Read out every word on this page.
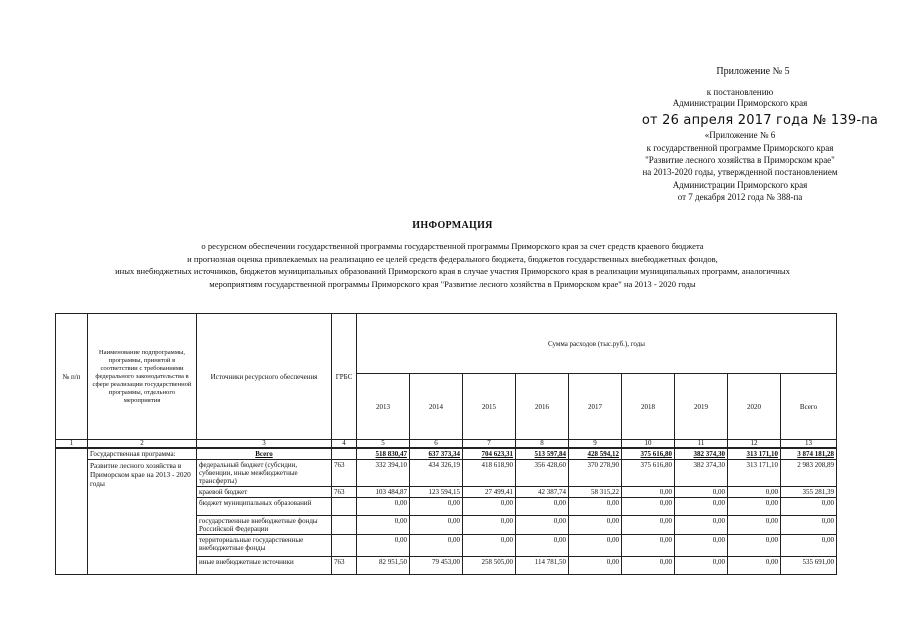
Приложение № 5
к постановлению
Администрации Приморского края
от 26 апреля 2017 года № 139-па
«Приложение № 6
к государственной программе Приморского края
"Развитие лесного хозяйства в Приморском крае"
на 2013-2020 годы, утвержденной постановлением
Администрации Приморского края
от 7 декабря 2012 года № 388-па
ИНФОРМАЦИЯ
о ресурсном обеспечении государственной программы государственной программы Приморского края за счет средств краевого бюджета
и прогнозная оценка привлекаемых на реализацию ее целей средств федерального бюджета, бюджетов государственных внебюджетных фондов,
иных внебюджетных источников, бюджетов муниципальных образований Приморского края в случае участия Приморского края в реализации муниципальных программ, аналогичных
мероприятиям государственной программы Приморского края "Развитие лесного хозяйства в Приморском крае" на 2013 - 2020 годы
№ п/п	Наименование подпрограммы, программы, принятой в соответствии с требованиями федерального законодательства в сфере реализации государственной программы, отдельного мероприятия	Источники ресурсного обеспечения	ГРБС	Сумма расходов (тыс.руб.), годы								
				2013	2014	2015	2016	2017	2018	2019	2020	Всего
1	2	3	4	5	6	7	8	9	10	11	12	13
	Государственная программа:	Всего		518 830,47	637 373,34	704 623,31	513 597,84	428 594,12	375 616,80	382 374,30	313 171,10	3 874 181,28
	Развитие лесного хозяйства в Приморском крае на 2013 - 2020 годы	федеральный бюджет (субсидии, субвенции, иные межбюджетные трансферты)	763	332 394,10	434 326,19	418 618,90	356 428,60	370 278,90	375 616,80	382 374,30	313 171,10	2 983 208,89
		краевой бюджет	763	103 484,87	123 594,15	27 499,41	42 387,74	58 315,22	0,00	0,00	0,00	355 281,39
		бюджет муниципальных образований		0,00	0,00	0,00	0,00	0,00	0,00	0,00	0,00	0,00
		государственные внебюджетные фонды Российской Федерации		0,00	0,00	0,00	0,00	0,00	0,00	0,00	0,00	0,00
		территориальные государственные внебюджетные фонды		0,00	0,00	0,00	0,00	0,00	0,00	0,00	0,00	0,00
		иные внебюджетные источники	763	82 951,50	79 453,00	258 505,00	114 781,50	0,00	0,00	0,00	0,00	535 691,00
